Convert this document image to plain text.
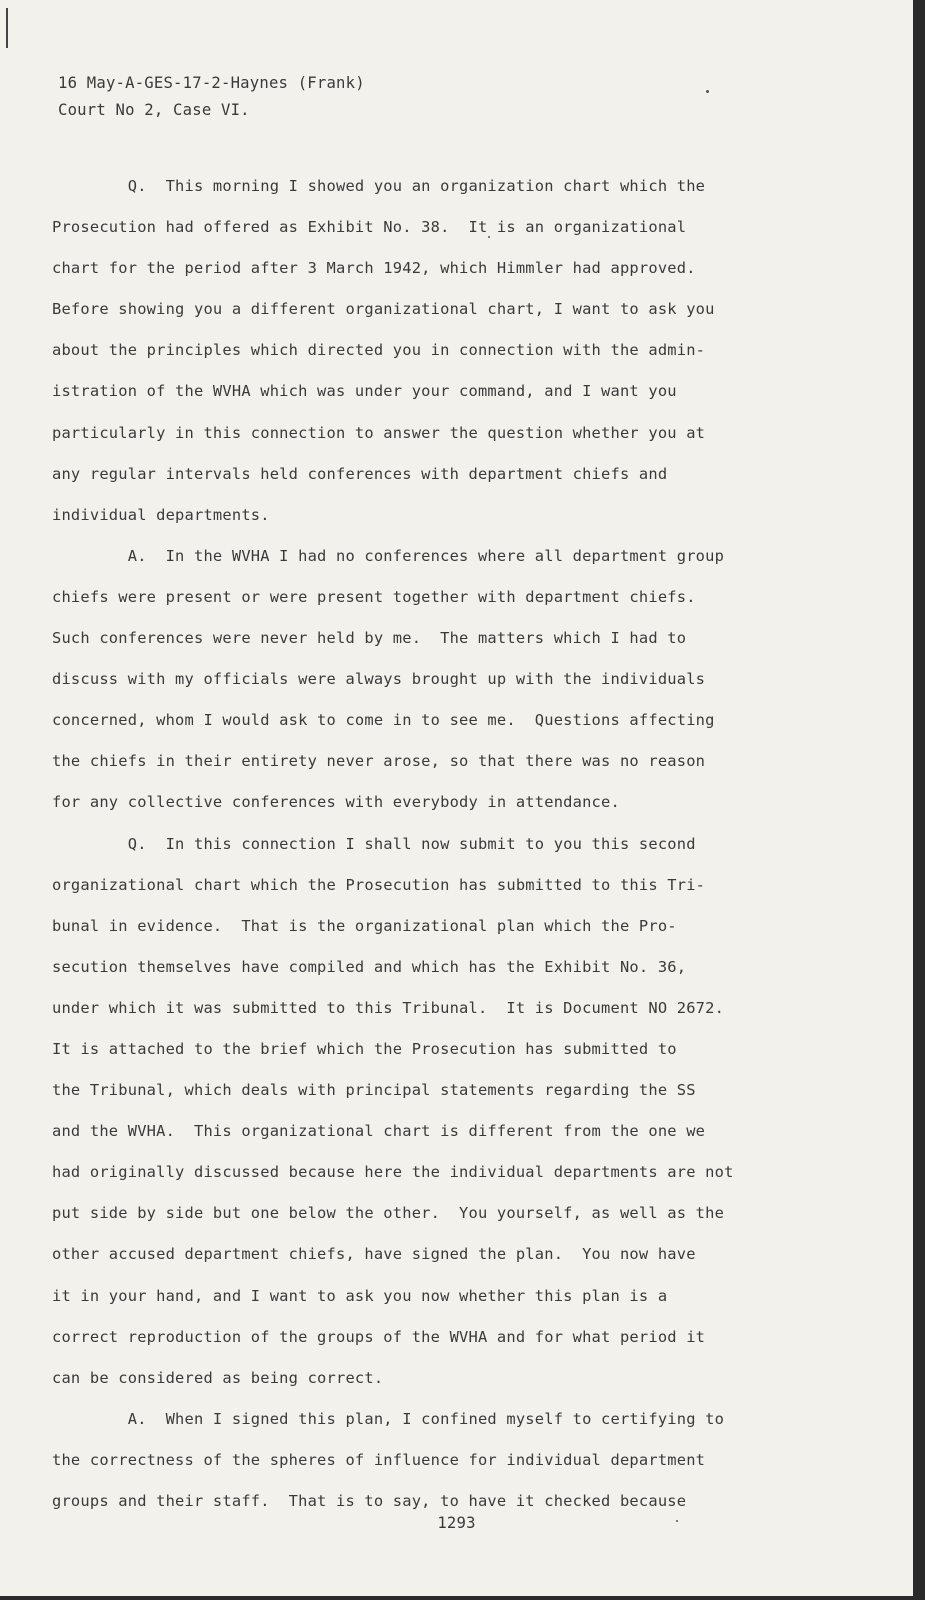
16 May-A-GES-17-2-Haynes (Frank)
Court No 2, Case VI.
Q.  This morning I showed you an organization chart which the
Prosecution had offered as Exhibit No. 38.  It is an organizational
chart for the period after 3 March 1942, which Himmler had approved.
Before showing you a different organizational chart, I want to ask you
about the principles which directed you in connection with the admin-
istration of the WVHA which was under your command, and I want you
particularly in this connection to answer the question whether you at
any regular intervals held conferences with department chiefs and
individual departments.
A.  In the WVHA I had no conferences where all department group
chiefs were present or were present together with department chiefs.
Such conferences were never held by me.  The matters which I had to
discuss with my officials were always brought up with the individuals
concerned, whom I would ask to come in to see me.  Questions affecting
the chiefs in their entirety never arose, so that there was no reason
for any collective conferences with everybody in attendance.
Q.  In this connection I shall now submit to you this second
organizational chart which the Prosecution has submitted to this Tri-
bunal in evidence.  That is the organizational plan which the Pro-
secution themselves have compiled and which has the Exhibit No. 36,
under which it was submitted to this Tribunal.  It is Document NO 2672.
It is attached to the brief which the Prosecution has submitted to
the Tribunal, which deals with principal statements regarding the SS
and the WVHA.  This organizational chart is different from the one we
had originally discussed because here the individual departments are not
put side by side but one below the other.  You yourself, as well as the
other accused department chiefs, have signed the plan.  You now have
it in your hand, and I want to ask you now whether this plan is a
correct reproduction of the groups of the WVHA and for what period it
can be considered as being correct.
A.  When I signed this plan, I confined myself to certifying to
the correctness of the spheres of influence for individual department
groups and their staff.  That is to say, to have it checked because
1293
